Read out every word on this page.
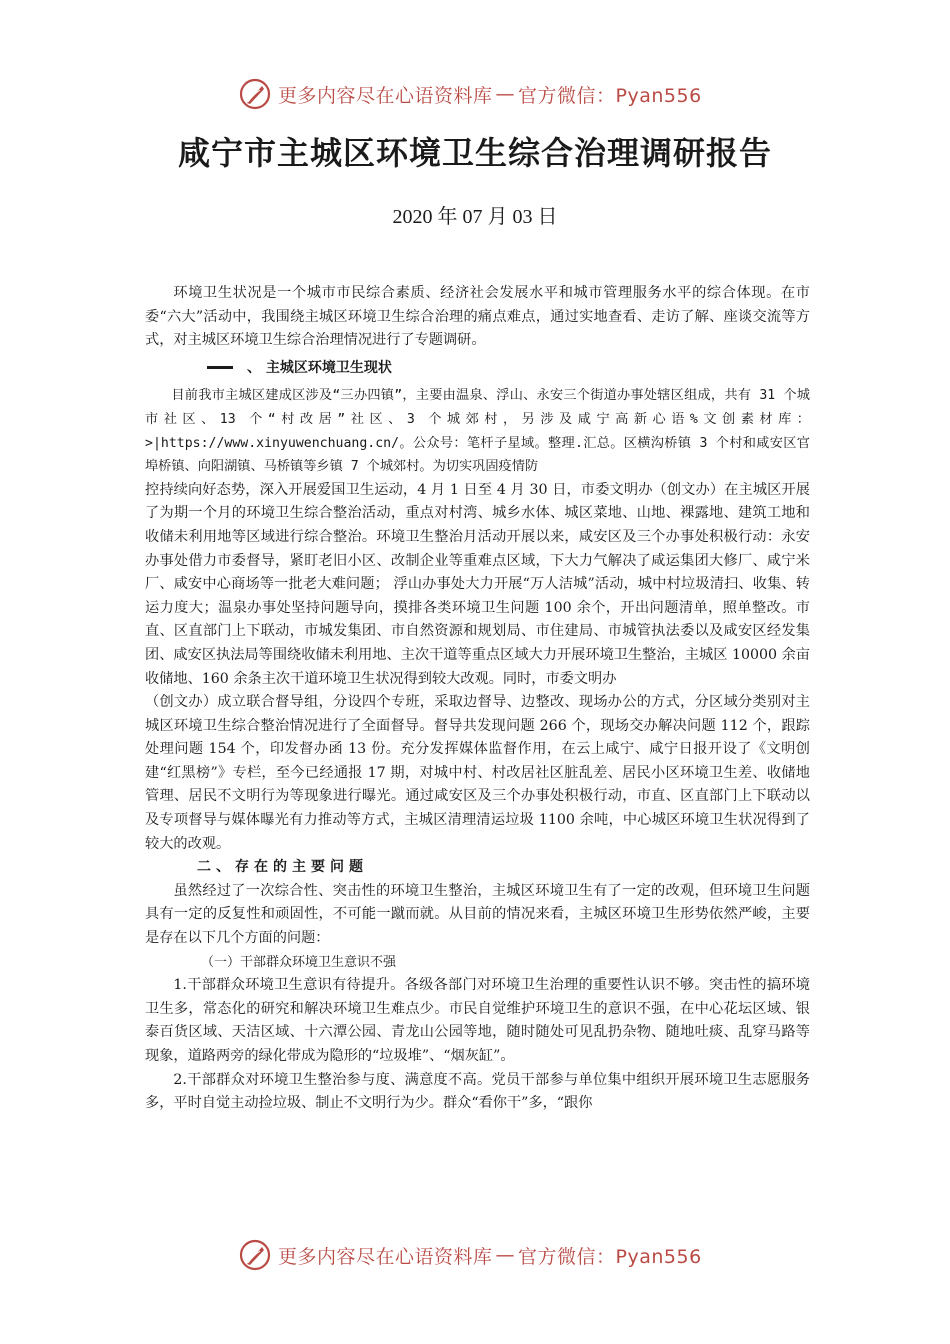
更多内容尽在心语资料库 — 官方微信：Pyan556
咸宁市主城区环境卫生综合治理调研报告
2020 年 07 月 03 日

环境卫生状况是一个城市市民综合素质、经济社会发展水平和城市管理服务水平的综合体现。在市委“六大”活动中，我围绕主城区环境卫生综合治理的痛点难点，通过实地查看、走访了解、座谈交流等方式，对主城区环境卫生综合治理情况进行了专题调研。

、 主城区环境卫生现状

目前我市主城区建成区涉及“三办四镇”，主要由温泉、浮山、永安三个街道办事处辖区组成，共有 31 个城市社区、13 个“村改居”社区、3 个城郊村，另涉及咸宁高新心语%文创素材库：>|https://www.xinyuwenchuang.cn/。公众号：笔杆子星域。整理.汇总。区横沟桥镇 3 个村和咸安区官埠桥镇、向阳湖镇、马桥镇等乡镇 7 个城郊村。为切实巩固疫情防

控持续向好态势，深入开展爱国卫生运动，4 月 1 日至 4 月 30 日，市委文明办（创文办）在主城区开展了为期一个月的环境卫生综合整治活动，重点对村湾、城乡水体、城区菜地、山地、裸露地、建筑工地和收储未利用地等区域进行综合整治。环境卫生整治月活动开展以来，咸安区及三个办事处积极行动：永安办事处借力市委督导，紧盯老旧小区、改制企业等重难点区域，下大力气解决了咸运集团大修厂、咸宁米厂、咸安中心商场等一批老大难问题； 浮山办事处大力开展“万人洁城”活动，城中村垃圾清扫、收集、转运力度大；温泉办事处坚持问题导向，摸排各类环境卫生问题 100 余个，开出问题清单，照单整改。市直、区直部门上下联动，市城发集团、市自然资源和规划局、市住建局、市城管执法委以及咸安区经发集团、咸安区执法局等围绕收储未利用地、主次干道等重点区域大力开展环境卫生整治，主城区 10000 余亩收储地、160 余条主次干道环境卫生状况得到较大改观。同时，市委文明办

（创文办）成立联合督导组，分设四个专班，采取边督导、边整改、现场办公的方式，分区域分类别对主城区环境卫生综合整治情况进行了全面督导。督导共发现问题 266 个，现场交办解决问题 112 个，跟踪处理问题 154 个，印发督办函 13 份。充分发挥媒体监督作用，在云上咸宁、咸宁日报开设了《文明创建“红黑榜”》专栏，至今已经通报 17 期，对城中村、村改居社区脏乱差、居民小区环境卫生差、收储地管理、居民不文明行为等现象进行曝光。通过咸安区及三个办事处积极行动，市直、区直部门上下联动以及专项督导与媒体曝光有力推动等方式，主城区清理清运垃圾 1100 余吨，中心城区环境卫生状况得到了较大的改观。

二、存在的主要问题

虽然经过了一次综合性、突击性的环境卫生整治，主城区环境卫生有了一定的改观，但环境卫生问题具有一定的反复性和顽固性，不可能一蹴而就。从目前的情况来看，主城区环境卫生形势依然严峻，主要是存在以下几个方面的问题：

（一）干部群众环境卫生意识不强

1.干部群众环境卫生意识有待提升。各级各部门对环境卫生治理的重要性认识不够。突击性的搞环境卫生多，常态化的研究和解决环境卫生难点少。市民自觉维护环境卫生的意识不强，在中心花坛区域、银泰百货区域、天洁区域、十六潭公园、青龙山公园等地，随时随处可见乱扔杂物、随地吐痰、乱穿马路等现象，道路两旁的绿化带成为隐形的“垃圾堆”、“烟灰缸”。

2.干部群众对环境卫生整治参与度、满意度不高。党员干部参与单位集中组织开展环境卫生志愿服务多，平时自觉主动捡垃圾、制止不文明行为少。群众“看你干”多，“跟你

更多内容尽在心语资料库 — 官方微信：Pyan556
